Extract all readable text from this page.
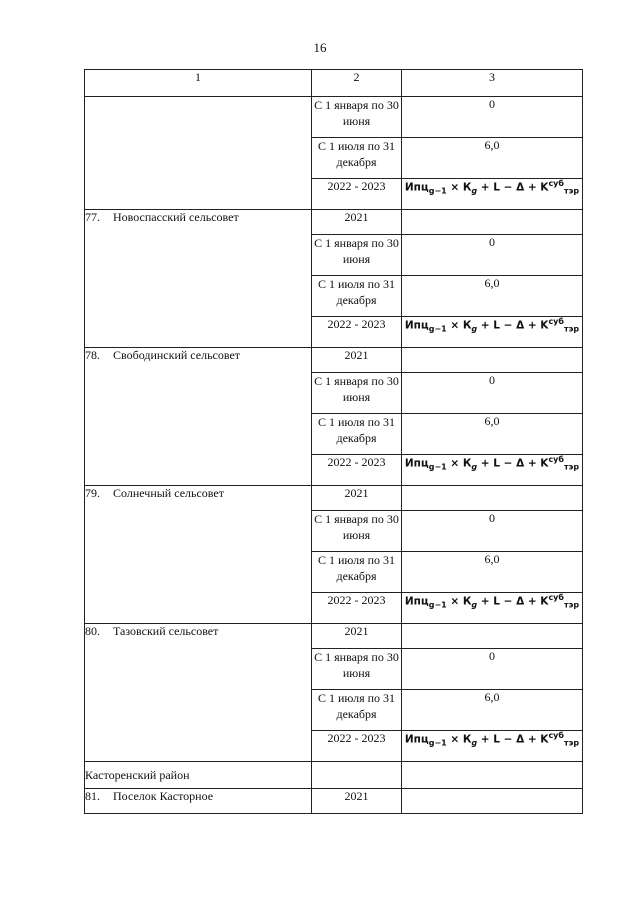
16
1	2	3
	С 1 января по 30 июня	0
	С 1 июля по 31 декабря	6,0
	2022 - 2023	$Ипц_{g-1} \times К_g + L - \Delta + K^{суб}_{тэр}$
77. Новоспасский сельсовет	2021	
	С 1 января по 30 июня	0
	С 1 июля по 31 декабря	6,0
	2022 - 2023	$Ипц_{g-1} \times К_g + L - \Delta + K^{суб}_{тэр}$
78. Свободинский сельсовет	2021	
	С 1 января по 30 июня	0
	С 1 июля по 31 декабря	6,0
	2022 - 2023	$Ипц_{g-1} \times К_g + L - \Delta + K^{суб}_{тэр}$
79. Солнечный сельсовет	2021	
	С 1 января по 30 июня	0
	С 1 июля по 31 декабря	6,0
	2022 - 2023	$Ипц_{g-1} \times К_g + L - \Delta + K^{суб}_{тэр}$
80. Тазовский сельсовет	2021	
	С 1 января по 30 июня	0
	С 1 июля по 31 декабря	6,0
	2022 - 2023	$Ипц_{g-1} \times К_g + L - \Delta + K^{суб}_{тэр}$
Касторенский район		
81. Поселок Касторное	2021	
